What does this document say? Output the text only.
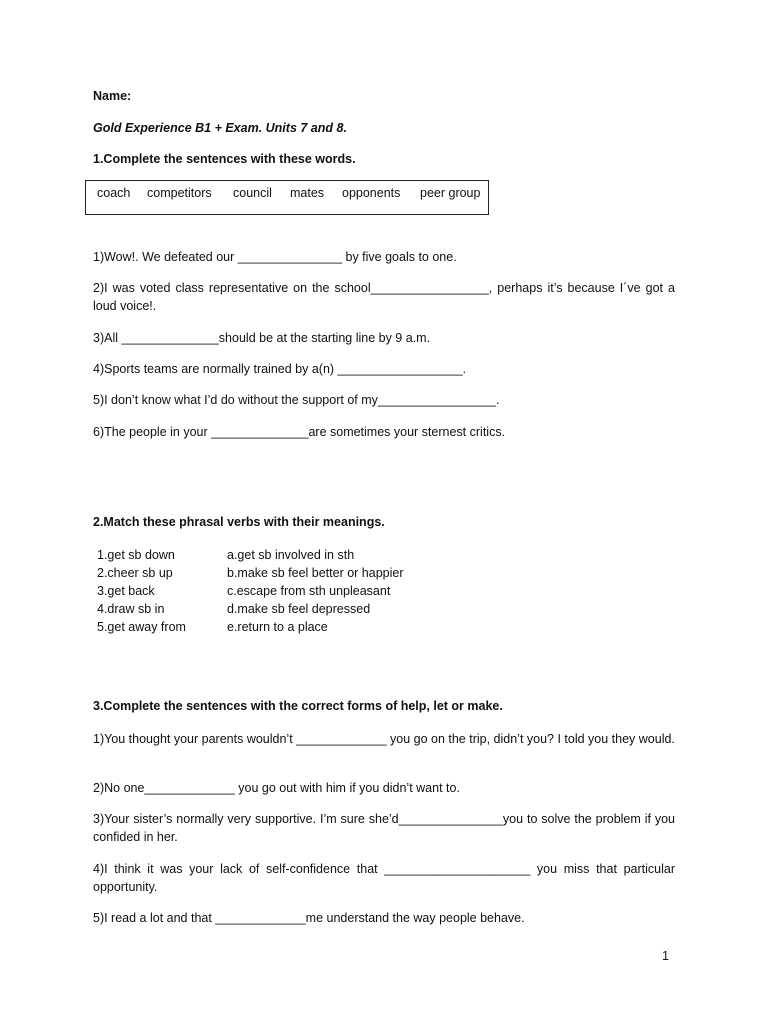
Name:
Gold Experience B1 + Exam. Units 7 and 8.
1.Complete the sentences with these words.
coach competitors council mates opponents peer group
1)Wow!. We defeated our _______________ by five goals to one.
2)I was voted class representative on the school_________________, perhaps it’s because I´ve got a loud voice!.
3)All ______________should be at the starting line by 9 a.m.
4)Sports teams are normally trained by a(n) __________________.
5)I don’t know what I’d do without the support of my_________________.
6)The people in your ______________are sometimes your sternest critics.
2.Match these phrasal verbs with their meanings.
1.get sb down
2.cheer sb up
3.get back
4.draw sb in
5.get away from
a.get sb involved in sth
b.make sb feel better or happier
c.escape from sth unpleasant
d.make sb feel depressed
e.return to a place
3.Complete the sentences with the correct forms of help, let or make.
1)You thought your parents wouldn’t _____________ you go on the trip, didn’t you? I told you they would.
2)No one_____________ you go out with him if you didn’t want to.
3)Your sister’s normally very supportive. I’m sure she’d_______________you to solve the problem if you confided in her.
4)I think it was your lack of self-confidence that _____________________ you miss that particular opportunity.
5)I read a lot and that _____________me understand the way people behave.
1
